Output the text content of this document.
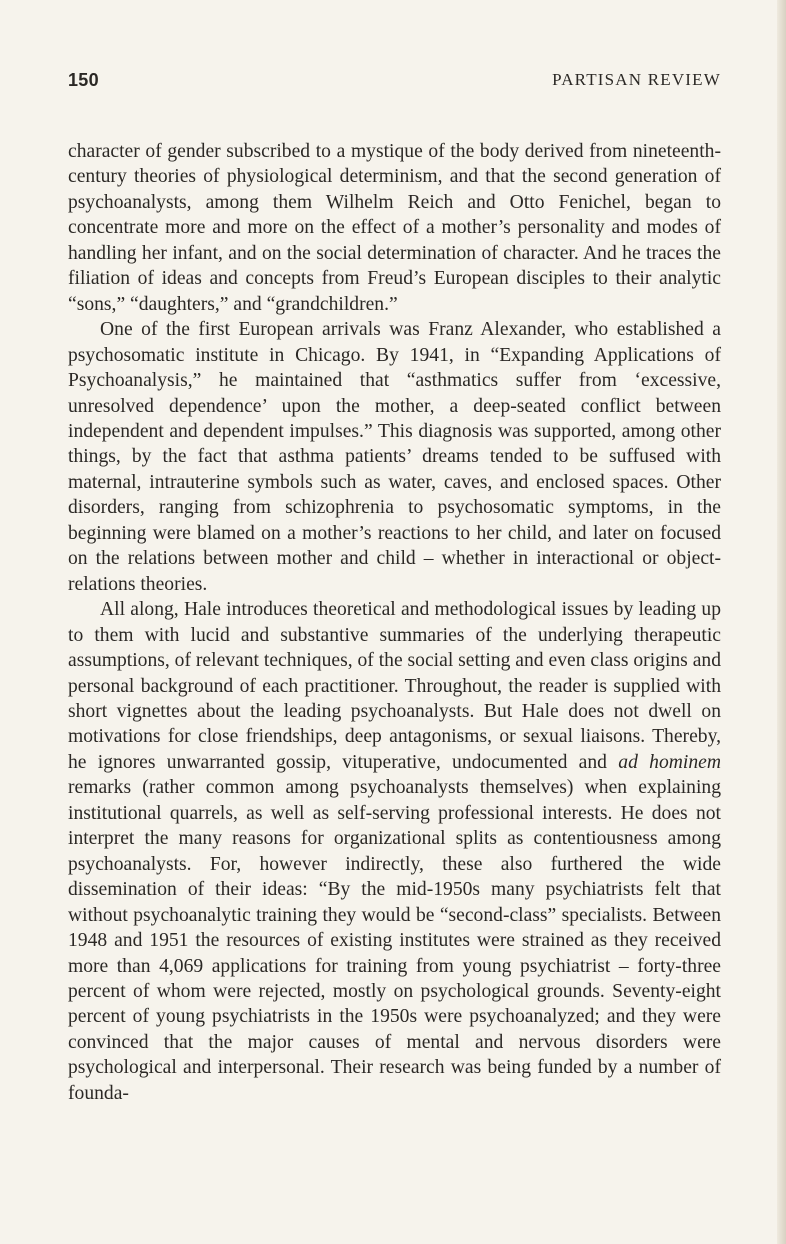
150	PARTISAN REVIEW

character of gender subscribed to a mystique of the body derived from nineteenth-century theories of physiological determinism, and that the second generation of psychoanalysts, among them Wilhelm Reich and Otto Fenichel, began to concentrate more and more on the effect of a mother’s personality and modes of handling her infant, and on the social determination of character. And he traces the filiation of ideas and concepts from Freud’s European disciples to their analytic “sons,” “daughters,” and “grandchildren.”

One of the first European arrivals was Franz Alexander, who established a psychosomatic institute in Chicago. By 1941, in “Expanding Applications of Psychoanalysis,” he maintained that “asthmatics suffer from ‘excessive, unresolved dependence’ upon the mother, a deep-seated conflict between independent and dependent impulses.” This diagnosis was supported, among other things, by the fact that asthma patients’ dreams tended to be suffused with maternal, intrauterine symbols such as water, caves, and enclosed spaces. Other disorders, ranging from schizophrenia to psychosomatic symptoms, in the beginning were blamed on a mother’s reactions to her child, and later on focused on the relations between mother and child – whether in interactional or object-relations theories.

All along, Hale introduces theoretical and methodological issues by leading up to them with lucid and substantive summaries of the underlying therapeutic assumptions, of relevant techniques, of the social setting and even class origins and personal background of each practitioner. Throughout, the reader is supplied with short vignettes about the leading psychoanalysts. But Hale does not dwell on motivations for close friendships, deep antagonisms, or sexual liaisons. Thereby, he ignores unwarranted gossip, vituperative, undocumented and ad hominem remarks (rather common among psychoanalysts themselves) when explaining institutional quarrels, as well as self-serving professional interests. He does not interpret the many reasons for organizational splits as contentiousness among psychoanalysts. For, however indirectly, these also furthered the wide dissemination of their ideas: “By the mid-1950s many psychiatrists felt that without psychoanalytic training they would be “second-class” specialists. Between 1948 and 1951 the resources of existing institutes were strained as they received more than 4,069 applications for training from young psychiatrist – forty-three percent of whom were rejected, mostly on psychological grounds. Seventy-eight percent of young psychiatrists in the 1950s were psychoanalyzed; and they were convinced that the major causes of mental and nervous disorders were psychological and interpersonal. Their research was being funded by a number of founda-
